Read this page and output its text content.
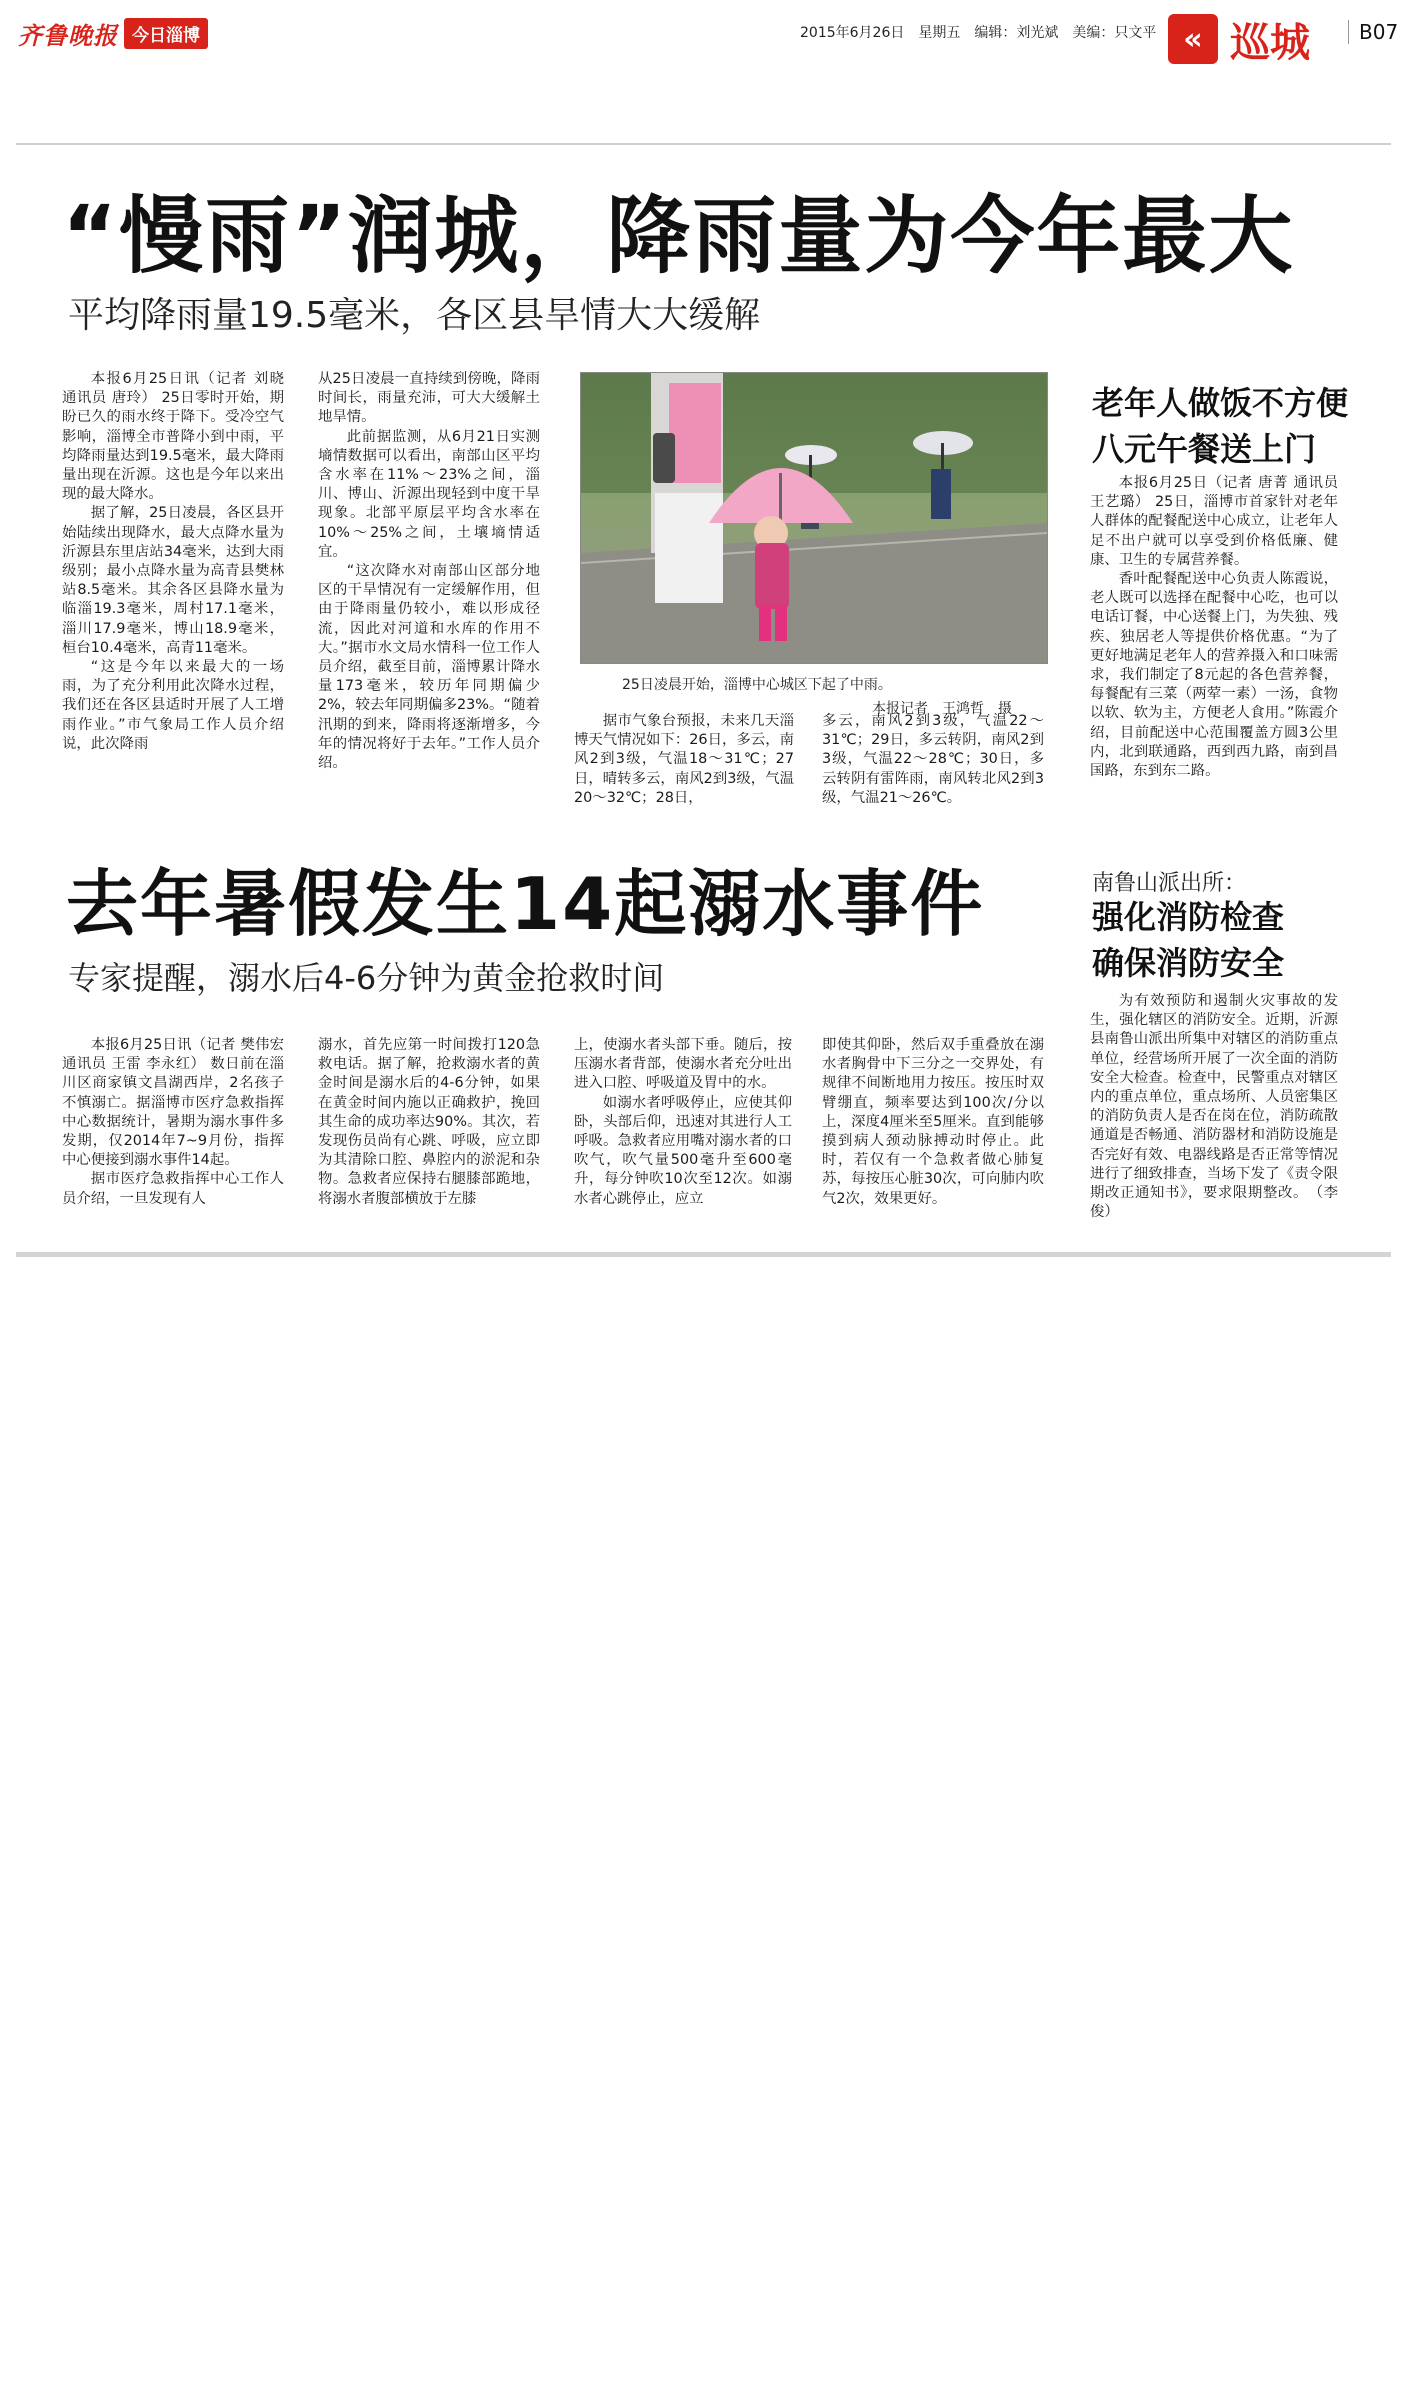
齐鲁晚报 今日淄博	2015年6月26日 星期五 编辑：刘光斌 美编：只文平 « 巡城	B07
“慢雨”润城，降雨量为今年最大
平均降雨量19.5毫米，各区县旱情大大缓解

本报6月25日讯（记者 刘晓 通讯员 唐玲） 25日零时开始，期盼已久的雨水终于降下。受冷空气影响，淄博全市普降小到中雨，平均降雨量达到19.5毫米，最大降雨量出现在沂源。这也是今年以来出现的最大降水。

据了解，25日凌晨，各区县开始陆续出现降水，最大点降水量为沂源县东里店站34毫米，达到大雨级别；最小点降水量为高青县樊林站8.5毫米。其余各区县降水量为临淄19.3毫米，周村17.1毫米，淄川17.9毫米，博山18.9毫米，桓台10.4毫米，高青11毫米。

“这是今年以来最大的一场雨，为了充分利用此次降水过程，我们还在各区县适时开展了人工增雨作业。”市气象局工作人员介绍说，此次降雨

从25日凌晨一直持续到傍晚，降雨时间长，雨量充沛，可大大缓解土地旱情。

此前据监测，从6月21日实测墒情数据可以看出，南部山区平均含水率在11%～23%之间，淄川、博山、沂源出现轻到中度干旱现象。北部平原层平均含水率在10%～25%之间，土壤墒情适宜。

“这次降水对南部山区部分地区的干旱情况有一定缓解作用，但由于降雨量仍较小，难以形成径流，因此对河道和水库的作用不大。”据市水文局水情科一位工作人员介绍，截至目前，淄博累计降水量173毫米，较历年同期偏少2%，较去年同期偏多23%。“随着汛期的到来，降雨将逐渐增多，今年的情况将好于去年。”工作人员介绍。

25日凌晨开始，淄博中心城区下起了中雨。
本报记者　王鸿哲　摄

据市气象台预报，未来几天淄博天气情况如下：26日，多云，南风2到3级，气温18～31℃；27日，晴转多云，南风2到3级，气温20～32℃；28日，

多云，南风2到3级，气温22～31℃；29日，多云转阴，南风2到3级，气温22～28℃；30日，多云转阴有雷阵雨，南风转北风2到3级，气温21～26℃。

去年暑假发生14起溺水事件
专家提醒，溺水后4-6分钟为黄金抢救时间

本报6月25日讯（记者 樊伟宏 通讯员 王雷 李永红） 数日前在淄川区商家镇文昌湖西岸，2名孩子不慎溺亡。据淄博市医疗急救指挥中心数据统计，暑期为溺水事件多发期，仅2014年7~9月份，指挥中心便接到溺水事件14起。

据市医疗急救指挥中心工作人员介绍，一旦发现有人

溺水，首先应第一时间拨打120急救电话。据了解，抢救溺水者的黄金时间是溺水后的4-6分钟，如果在黄金时间内施以正确救护，挽回其生命的成功率达90%。其次，若发现伤员尚有心跳、呼吸，应立即为其清除口腔、鼻腔内的淤泥和杂物。急救者应保持右腿膝部跪地，将溺水者腹部横放于左膝

上，使溺水者头部下垂。随后，按压溺水者背部，使溺水者充分吐出进入口腔、呼吸道及胃中的水。

如溺水者呼吸停止，应使其仰卧，头部后仰，迅速对其进行人工呼吸。急救者应用嘴对溺水者的口吹气，吹气量500毫升至600毫升，每分钟吹10次至12次。如溺水者心跳停止，应立

即使其仰卧，然后双手重叠放在溺水者胸骨中下三分之一交界处，有规律不间断地用力按压。按压时双臂绷直，频率要达到100次/分以上，深度4厘米至5厘米。直到能够摸到病人颈动脉搏动时停止。此时，若仅有一个急救者做心肺复苏，每按压心脏30次，可向肺内吹气2次，效果更好。

老年人做饭不方便
八元午餐送上门

本报6月25日（记者 唐菁 通讯员 王艺璐） 25日，淄博市首家针对老年人群体的配餐配送中心成立，让老年人足不出户就可以享受到价格低廉、健康、卫生的专属营养餐。

香叶配餐配送中心负责人陈霞说，老人既可以选择在配餐中心吃，也可以电话订餐，中心送餐上门，为失独、残疾、独居老人等提供价格优惠。“为了更好地满足老年人的营养摄入和口味需求，我们制定了8元起的各色营养餐，每餐配有三菜（两荤一素）一汤，食物以软、软为主，方便老人食用。”陈霞介绍，目前配送中心范围覆盖方圆3公里内，北到联通路，西到西九路，南到昌国路，东到东二路。

南鲁山派出所：
强化消防检查
确保消防安全

为有效预防和遏制火灾事故的发生，强化辖区的消防安全。近期，沂源县南鲁山派出所集中对辖区的消防重点单位，经营场所开展了一次全面的消防安全大检查。检查中，民警重点对辖区内的重点单位，重点场所、人员密集区的消防负责人是否在岗在位，消防疏散通道是否畅通、消防器材和消防设施是否完好有效、电器线路是否正常等情况进行了细致排查，当场下发了《责令限期改正通知书》，要求限期整改。　（李俊）
